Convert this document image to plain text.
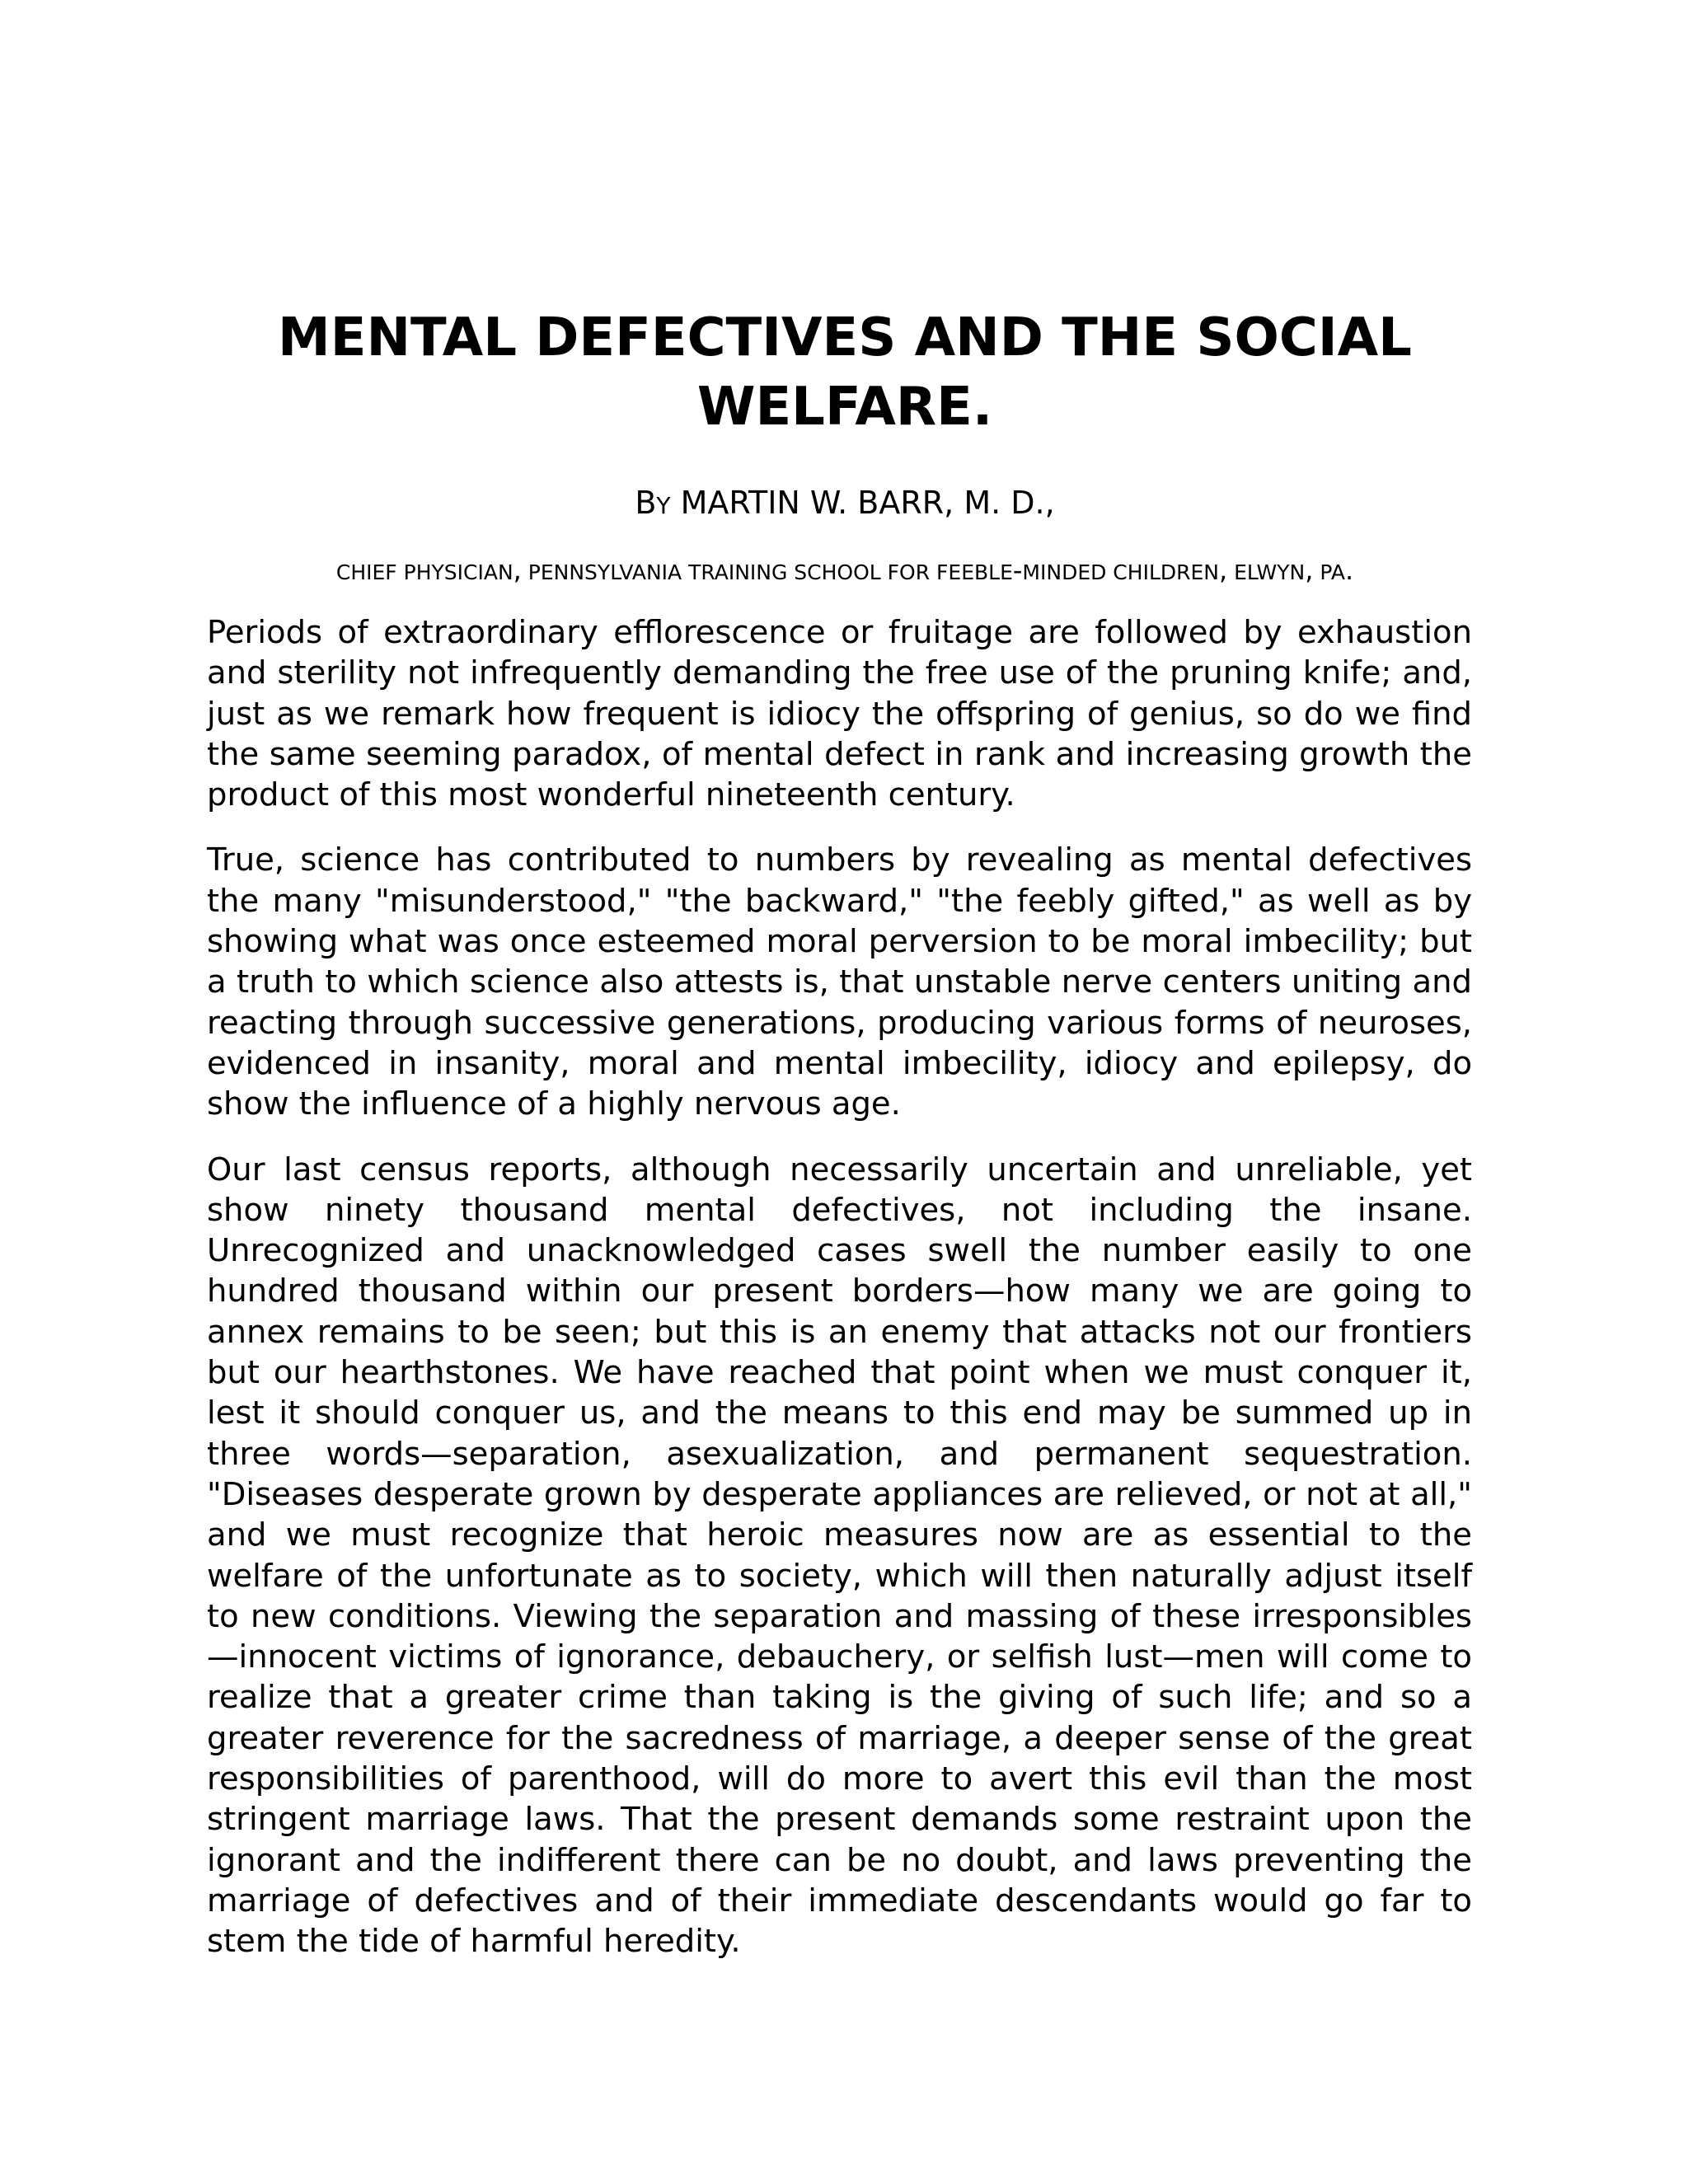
MENTAL DEFECTIVES AND THE SOCIAL WELFARE.
BY MARTIN W. BARR, M. D.,
CHIEF PHYSICIAN, PENNSYLVANIA TRAINING SCHOOL FOR FEEBLE-MINDED CHILDREN, ELWYN, PA.

Periods of extraordinary efflorescence or fruitage are followed by exhaustion and sterility not infrequently demanding the free use of the pruning knife; and, just as we remark how frequent is idiocy the offspring of genius, so do we find the same seeming paradox, of mental defect in rank and increasing growth the product of this most wonderful nineteenth century.

True, science has contributed to numbers by revealing as mental defectives the many "misunderstood," "the backward," "the feebly gifted," as well as by showing what was once esteemed moral perversion to be moral imbecility; but a truth to which science also attests is, that unstable nerve centers uniting and reacting through successive generations, producing various forms of neuroses, evidenced in insanity, moral and mental imbecility, idiocy and epilepsy, do show the influence of a highly nervous age.

Our last census reports, although necessarily uncertain and unreliable, yet show ninety thousand mental defectives, not including the insane. Unrecognized and unacknowledged cases swell the number easily to one hundred thousand within our present borders—how many we are going to annex remains to be seen; but this is an enemy that attacks not our frontiers but our hearthstones. We have reached that point when we must conquer it, lest it should conquer us, and the means to this end may be summed up in three words—separation, asexualization, and permanent sequestration. "Diseases desperate grown by desperate appliances are relieved, or not at all," and we must recognize that heroic measures now are as essential to the welfare of the unfortunate as to society, which will then naturally adjust itself to new conditions. Viewing the separation and massing of these irresponsibles—innocent victims of ignorance, debauchery, or selfish lust—men will come to realize that a greater crime than taking is the giving of such life; and so a greater reverence for the sacredness of marriage, a deeper sense of the great responsibilities of parenthood, will do more to avert this evil than the most stringent marriage laws. That the present demands some restraint upon the ignorant and the indifferent there can be no doubt, and laws preventing the marriage of defectives and of their immediate descendants would go far to stem the tide of harmful heredity.
